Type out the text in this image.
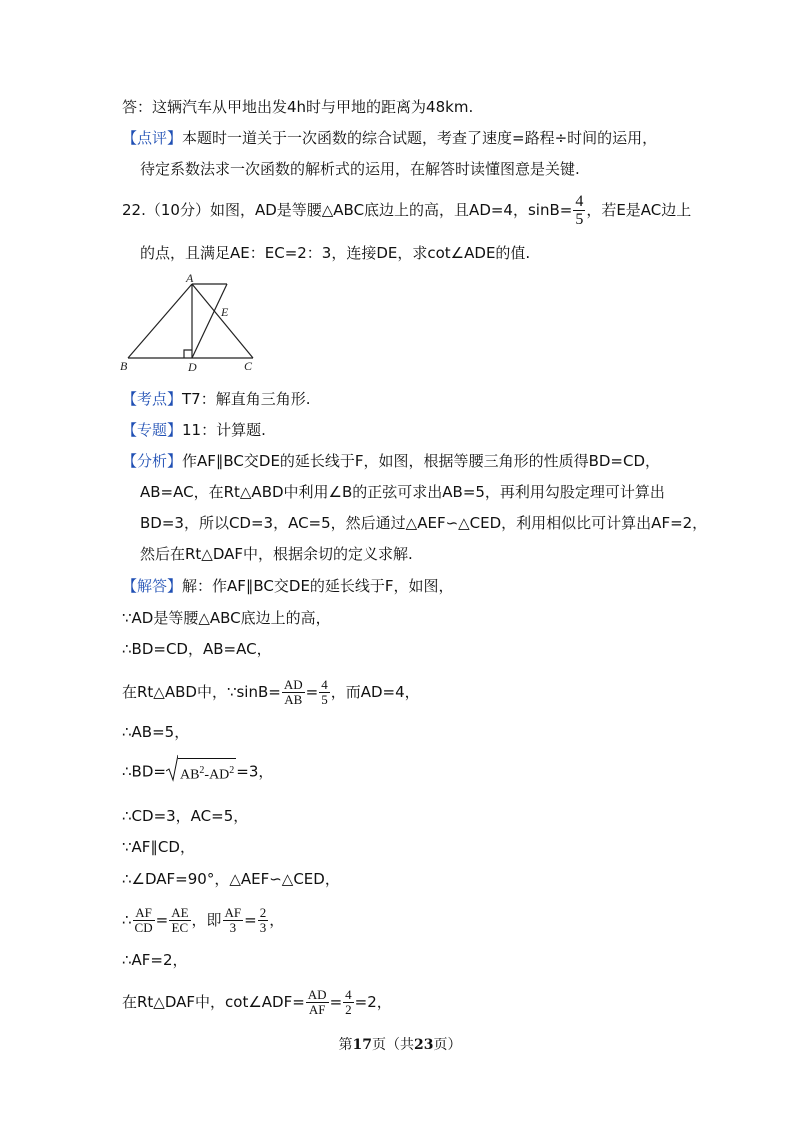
答：这辆汽车从甲地出发4h时与甲地的距离为48km.
【点评】本题时一道关于一次函数的综合试题，考查了速度=路程÷时间的运用，
待定系数法求一次函数的解析式的运用，在解答时读懂图意是关键.
22.（10分）如图，AD是等腰△ABC底边上的高，且AD=4，$\sin B= \frac{4}{5}$ ，若E是AC边上
的点，且满足AE：EC=2：3，连接DE，求cot∠ADE的值.
A
B	C
D
E
【考点】T7：解直角三角形.
【专题】11：计算题.
【分析】作AF∥BC交DE的延长线于F，如图，根据等腰三角形的性质得BD=CD，
AB=AC，在Rt△ABD中利用∠B的正弦可求出AB=5，再利用勾股定理可计算出
BD=3，所以CD=3，AC=5，然后通过△AEF∽△CED，利用相似比可计算出AF=2，
然后在Rt△DAF中，根据余切的定义求解.
【解答】解：作AF∥BC交DE的延长线于F，如图，
∵AD是等腰△ABC底边上的高，
∴BD=CD，AB=AC，
在Rt△ABD中，∵sinB= $\frac{AD}{AB} = \frac{4}{5}$ ，而AD=4，
∴AB=5，
∴BD= $AB^2-AD^2 =3$，
∴CD=3，AC=5，
∵AF∥CD，
∴∠DAF=90°，△AEF∽△CED，
∴ $\frac{AF}{CD} = \frac{AE}{EC}$ ，即 $\frac{AF}{3} = \frac{2}{3}$ ，
∴AF=2，
在Rt△DAF中，cot∠ADF= $\frac{AD}{AF} = \frac{4}{2} =2$，
第17页（共23页）
